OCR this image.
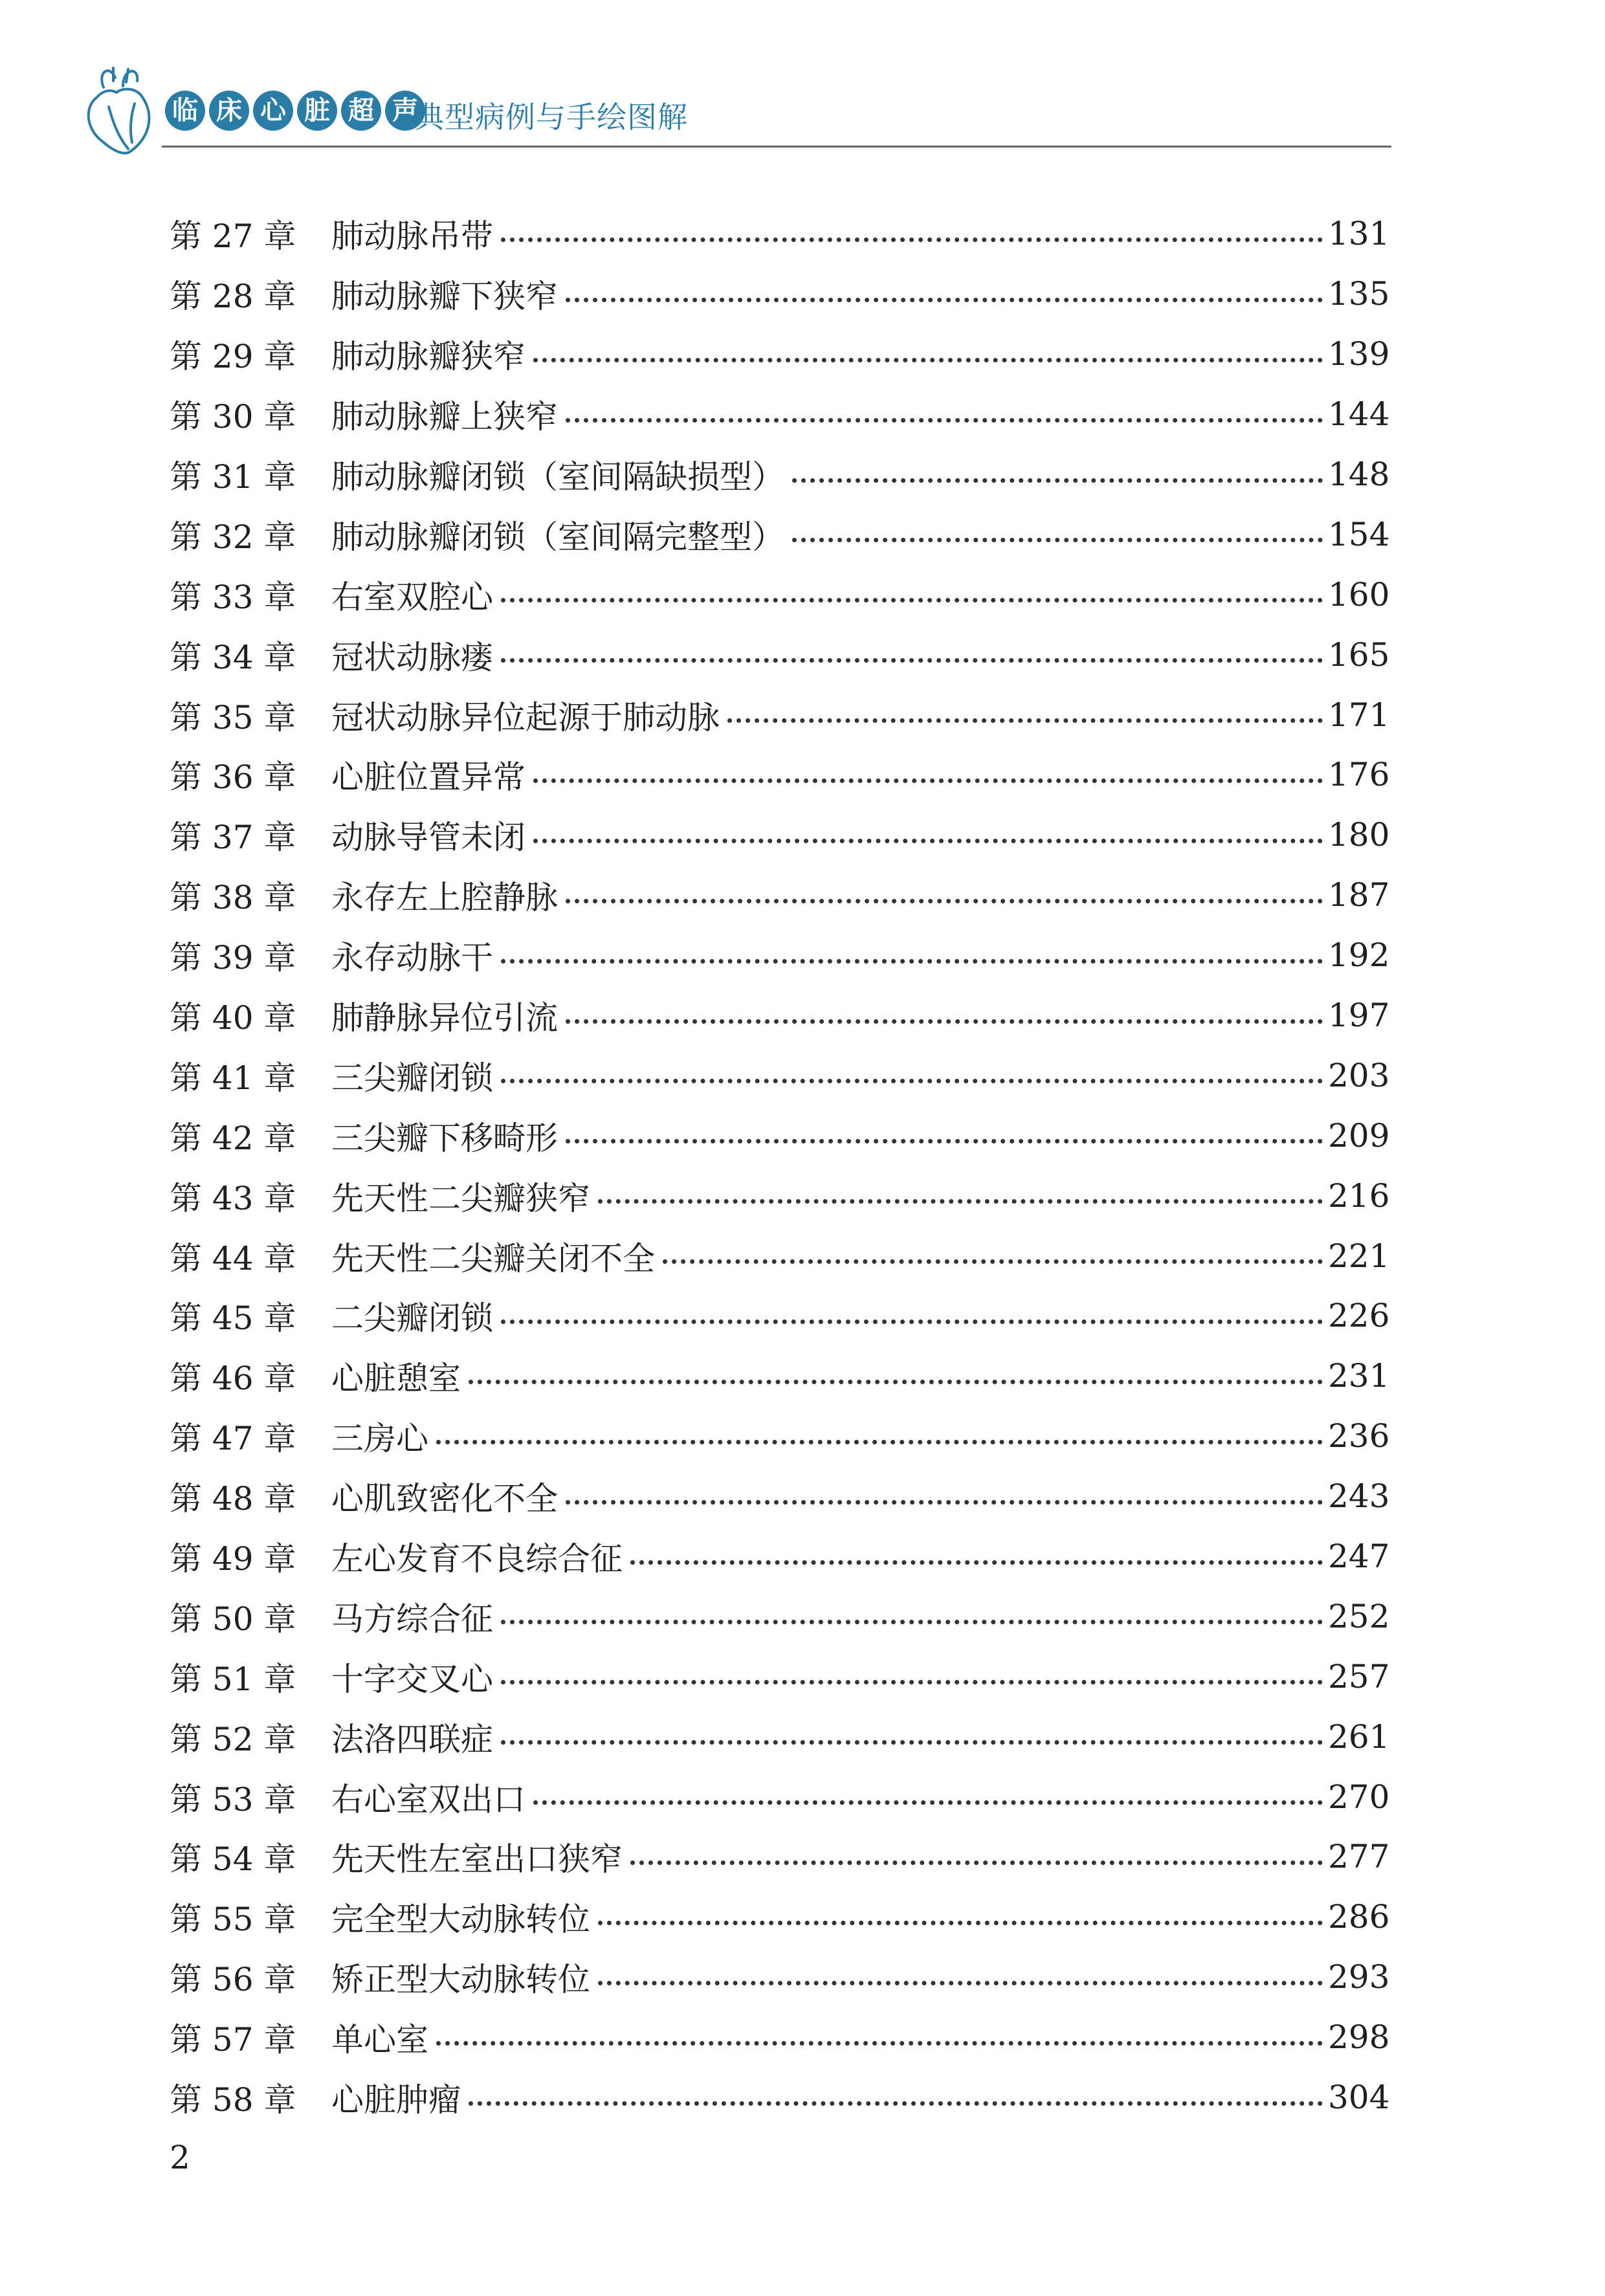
临 床 心 脏 超 声
典型病例与手绘图解
第 27 章	肺动脉吊带	131
第 28 章	肺动脉瓣下狭窄	135
第 29 章	肺动脉瓣狭窄	139
第 30 章	肺动脉瓣上狭窄	144
第 31 章	肺动脉瓣闭锁（室间隔缺损型）	148
第 32 章	肺动脉瓣闭锁（室间隔完整型）	154
第 33 章	右室双腔心	160
第 34 章	冠状动脉瘘	165
第 35 章	冠状动脉异位起源于肺动脉	171
第 36 章	心脏位置异常	176
第 37 章	动脉导管未闭	180
第 38 章	永存左上腔静脉	187
第 39 章	永存动脉干	192
第 40 章	肺静脉异位引流	197
第 41 章	三尖瓣闭锁	203
第 42 章	三尖瓣下移畸形	209
第 43 章	先天性二尖瓣狭窄	216
第 44 章	先天性二尖瓣关闭不全	221
第 45 章	二尖瓣闭锁	226
第 46 章	心脏憩室	231
第 47 章	三房心	236
第 48 章	心肌致密化不全	243
第 49 章	左心发育不良综合征	247
第 50 章	马方综合征	252
第 51 章	十字交叉心	257
第 52 章	法洛四联症	261
第 53 章	右心室双出口	270
第 54 章	先天性左室出口狭窄	277
第 55 章	完全型大动脉转位	286
第 56 章	矫正型大动脉转位	293
第 57 章	单心室	298
第 58 章	心脏肿瘤	304
2
